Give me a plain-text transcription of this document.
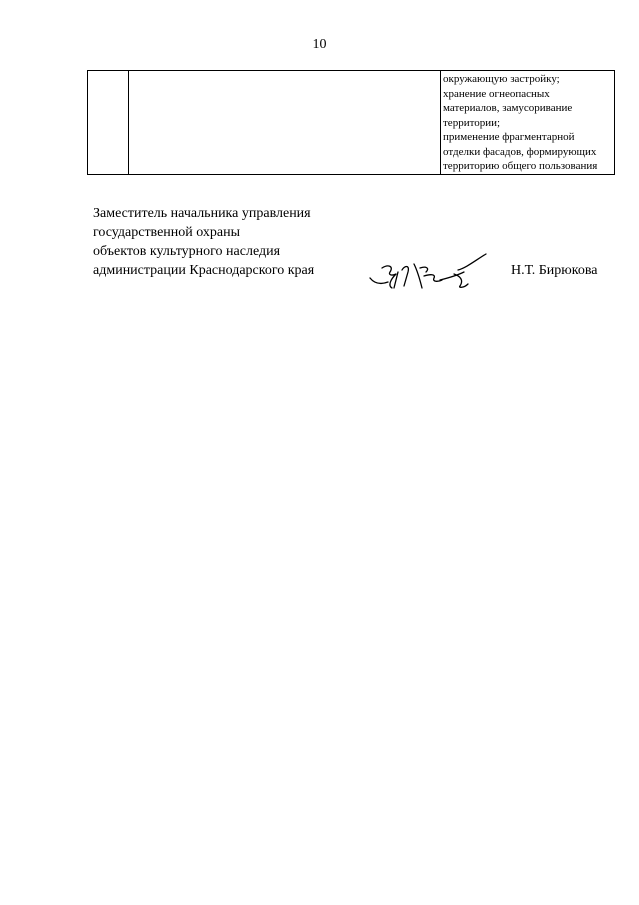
10

окружающую застройку;
хранение огнеопасных
материалов, замусоривание
территории;
применение фрагментарной
отделки фасадов, формирующих
территорию общего пользования
Заместитель начальника управления
государственной охраны
объектов культурного наследия
администрации Краснодарского края	Н.Т. Бирюкова
